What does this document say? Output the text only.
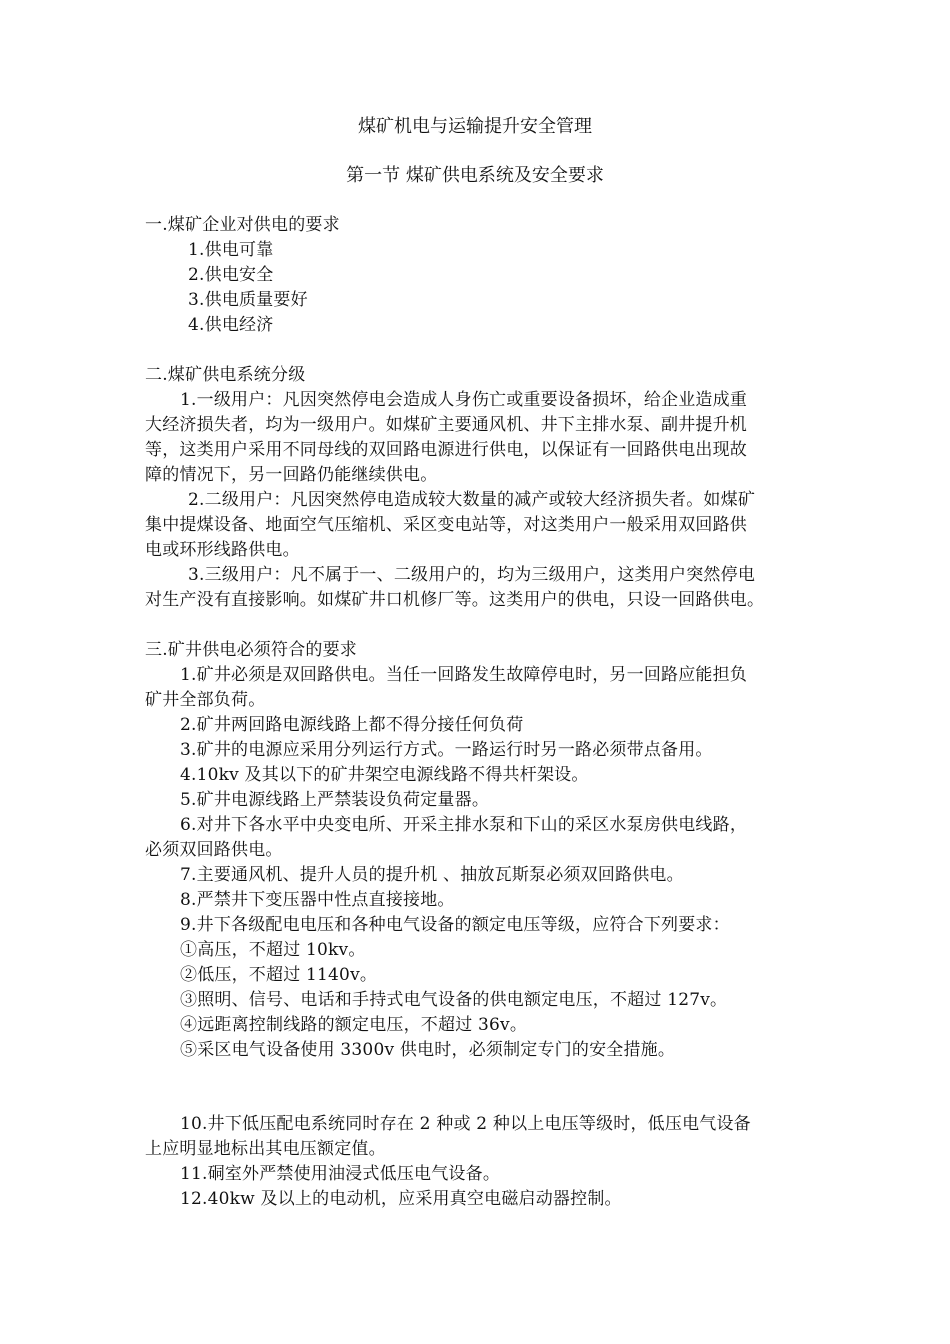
煤矿机电与运输提升安全管理
第一节 煤矿供电系统及安全要求
一.煤矿企业对供电的要求
1.供电可靠
2.供电安全
3.供电质量要好
4.供电经济
二.煤矿供电系统分级
1.一级用户：凡因突然停电会造成人身伤亡或重要设备损坏，给企业造成重
大经济损失者，均为一级用户。如煤矿主要通风机、井下主排水泵、副井提升机
等，这类用户采用不同母线的双回路电源进行供电，以保证有一回路供电出现故
障的情况下，另一回路仍能继续供电。
2.二级用户：凡因突然停电造成较大数量的减产或较大经济损失者。如煤矿
集中提煤设备、地面空气压缩机、采区变电站等，对这类用户一般采用双回路供
电或环形线路供电。
3.三级用户：凡不属于一、二级用户的，均为三级用户，这类用户突然停电
对生产没有直接影响。如煤矿井口机修厂等。这类用户的供电，只设一回路供电。
三.矿井供电必须符合的要求
1.矿井必须是双回路供电。当任一回路发生故障停电时，另一回路应能担负
矿井全部负荷。
2.矿井两回路电源线路上都不得分接任何负荷
3.矿井的电源应采用分列运行方式。一路运行时另一路必须带点备用。
4.10kv 及其以下的矿井架空电源线路不得共杆架设。
5.矿井电源线路上严禁装设负荷定量器。
6.对井下各水平中央变电所、开采主排水泵和下山的采区水泵房供电线路，
必须双回路供电。
7.主要通风机、提升人员的提升机 、抽放瓦斯泵必须双回路供电。
8.严禁井下变压器中性点直接接地。
9.井下各级配电电压和各种电气设备的额定电压等级，应符合下列要求：
①高压，不超过 10kv。
②低压，不超过 1140v。
③照明、信号、电话和手持式电气设备的供电额定电压，不超过 127v。
④远距离控制线路的额定电压，不超过 36v。
⑤采区电气设备使用 3300v 供电时，必须制定专门的安全措施。
10.井下低压配电系统同时存在 2 种或 2 种以上电压等级时，低压电气设备
上应明显地标出其电压额定值。
11.硐室外严禁使用油浸式低压电气设备。
12.40kw 及以上的电动机，应采用真空电磁启动器控制。
